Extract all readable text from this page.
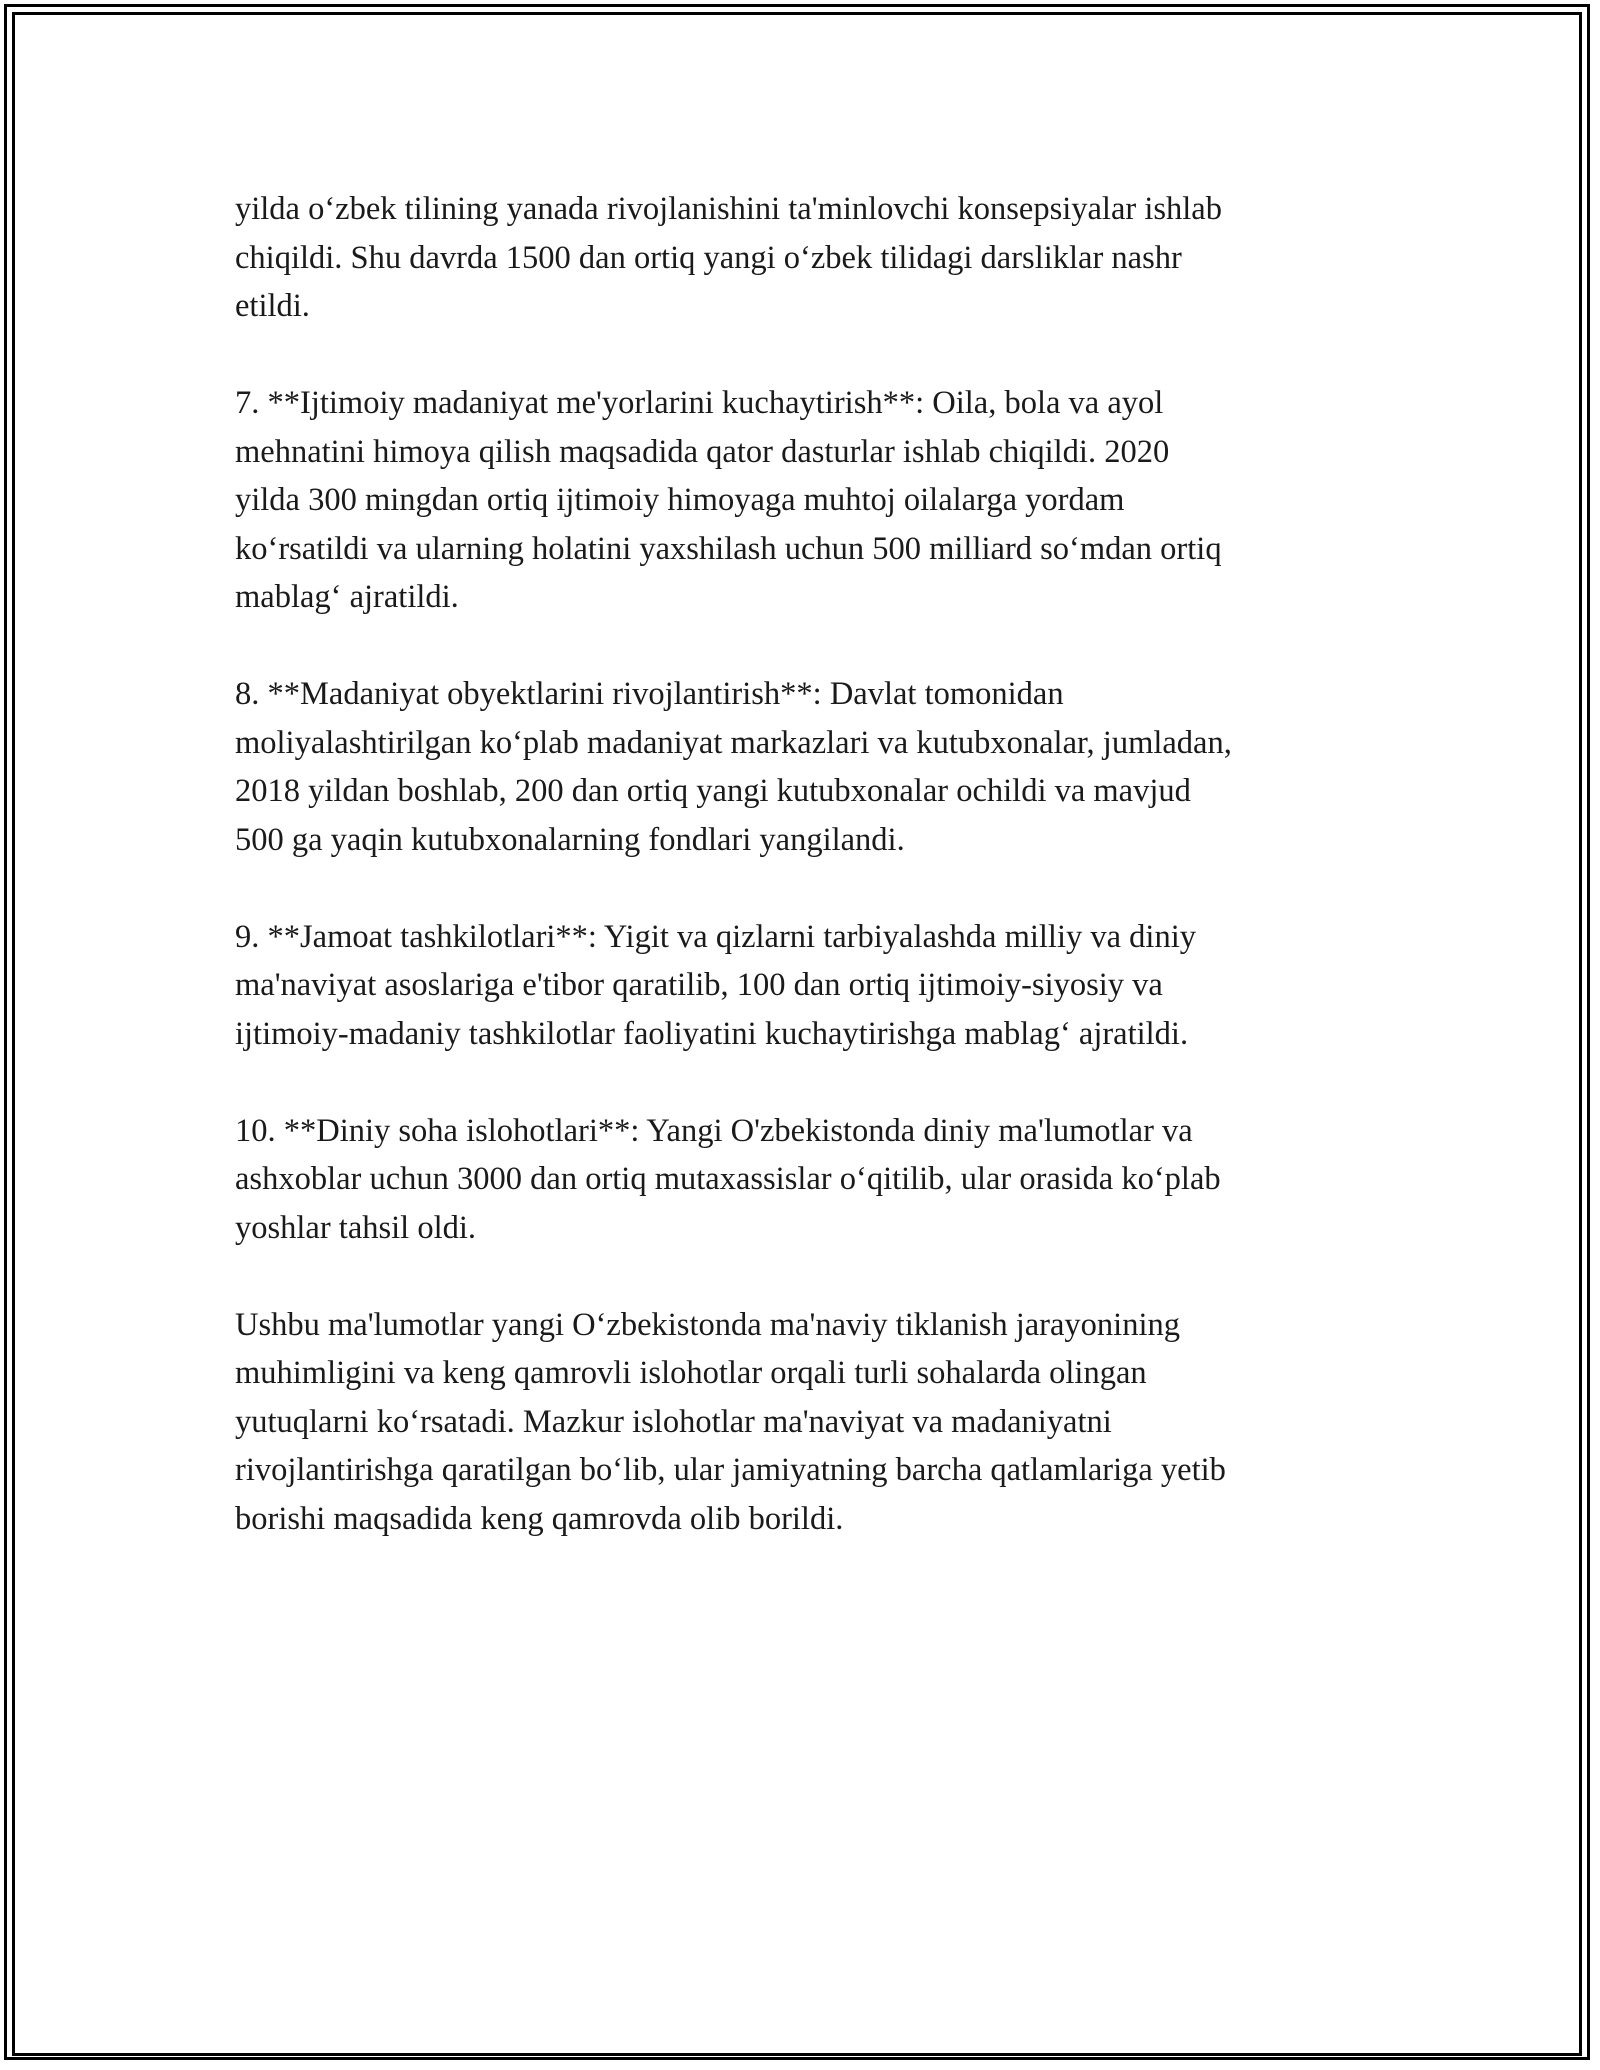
yilda o‘zbek tilining yanada rivojlanishini ta'minlovchi konsepsiyalar ishlab
chiqildi. Shu davrda 1500 dan ortiq yangi o‘zbek tilidagi darsliklar nashr
etildi.

7. **Ijtimoiy madaniyat me'yorlarini kuchaytirish**: Oila, bola va ayol
mehnatini himoya qilish maqsadida qator dasturlar ishlab chiqildi. 2020
yilda 300 mingdan ortiq ijtimoiy himoyaga muhtoj oilalarga yordam
ko‘rsatildi va ularning holatini yaxshilash uchun 500 milliard so‘mdan ortiq
mablag‘ ajratildi.

8. **Madaniyat obyektlarini rivojlantirish**: Davlat tomonidan
moliyalashtirilgan ko‘plab madaniyat markazlari va kutubxonalar, jumladan,
2018 yildan boshlab, 200 dan ortiq yangi kutubxonalar ochildi va mavjud
500 ga yaqin kutubxonalarning fondlari yangilandi.

9. **Jamoat tashkilotlari**: Yigit va qizlarni tarbiyalashda milliy va diniy
ma'naviyat asoslariga e'tibor qaratilib, 100 dan ortiq ijtimoiy-siyosiy va
ijtimoiy-madaniy tashkilotlar faoliyatini kuchaytirishga mablag‘ ajratildi.

10. **Diniy soha islohotlari**: Yangi O'zbekistonda diniy ma'lumotlar va
ashxoblar uchun 3000 dan ortiq mutaxassislar o‘qitilib, ular orasida ko‘plab
yoshlar tahsil oldi.

Ushbu ma'lumotlar yangi O‘zbekistonda ma'naviy tiklanish jarayonining
muhimligini va keng qamrovli islohotlar orqali turli sohalarda olingan
yutuqlarni ko‘rsatadi. Mazkur islohotlar ma'naviyat va madaniyatni
rivojlantirishga qaratilgan bo‘lib, ular jamiyatning barcha qatlamlariga yetib
borishi maqsadida keng qamrovda olib borildi.
